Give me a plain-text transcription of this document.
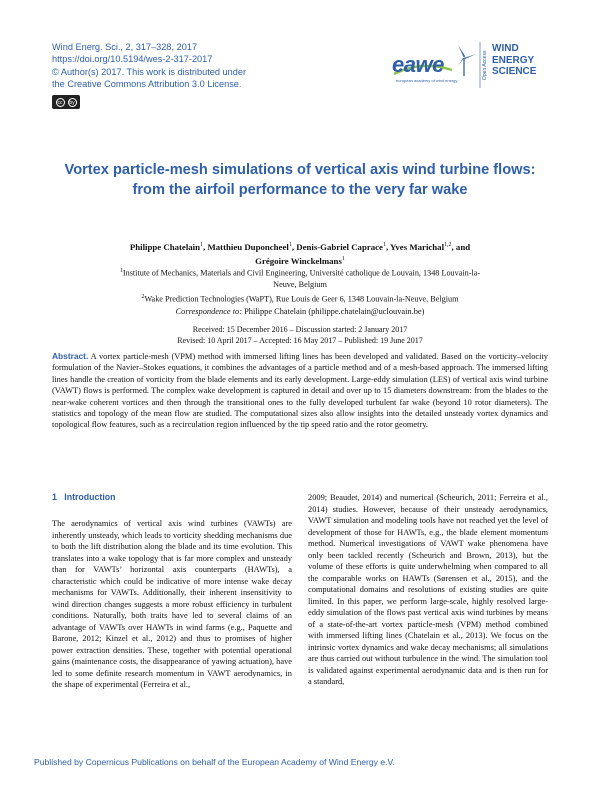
Wind Energ. Sci., 2, 317–328, 2017
https://doi.org/10.5194/wes-2-317-2017
© Author(s) 2017. This work is distributed under
the Creative Commons Attribution 3.0 License.
cc	by
eawe
european academy of wind energy
Open Access
WIND
ENERGY
SCIENCE
Vortex particle-mesh simulations of vertical axis wind turbine flows: from the airfoil performance to the very far wake
Philippe Chatelain$^1$, Matthieu Duponcheel$^1$, Denis-Gabriel Caprace$^1$, Yves Marichal$^{1,2}$, and
Grégoire Winckelmans$^1$
$^1$Institute of Mechanics, Materials and Civil Engineering, Université catholique de Louvain, 1348 Louvain-la-Neuve, Belgium
$^2$Wake Prediction Technologies (WaPT), Rue Louis de Geer 6, 1348 Louvain-la-Neuve, Belgium
Correspondence to: Philippe Chatelain (philippe.chatelain@uclouvain.be)
Received: 15 December 2016 – Discussion started: 2 January 2017
Revised: 10 April 2017 – Accepted: 16 May 2017 – Published: 19 June 2017
Abstract. A vortex particle-mesh (VPM) method with immersed lifting lines has been developed and validated. Based on the vorticity–velocity formulation of the Navier–Stokes equations, it combines the advantages of a particle method and of a mesh-based approach. The immersed lifting lines handle the creation of vorticity from the blade elements and its early development. Large-eddy simulation (LES) of vertical axis wind turbine (VAWT) flows is performed. The complex wake development is captured in detail and over up to 15 diameters downstream: from the blades to the near-wake coherent vortices and then through the transitional ones to the fully developed turbulent far wake (beyond 10 rotor diameters). The statistics and topology of the mean flow are studied. The computational sizes also allow insights into the detailed unsteady vortex dynamics and topological flow features, such as a recirculation region influenced by the tip speed ratio and the rotor geometry.
1 Introduction
The aerodynamics of vertical axis wind turbines (VAWTs) are inherently unsteady, which leads to vorticity shedding mechanisms due to both the lift distribution along the blade and its time evolution. This translates into a wake topology that is far more complex and unsteady than for VAWTs’ horizontal axis counterparts (HAWTs), a characteristic which could be indicative of more intense wake decay mechanisms for VAWTs. Additionally, their inherent insensitivity to wind direction changes suggests a more robust efficiency in turbulent conditions. Naturally, both traits have led to several claims of an advantage of VAWTs over HAWTs in wind farms (e.g., Paquette and Barone, 2012; Kinzel et al., 2012) and thus to promises of higher power extraction densities. These, together with potential operational gains (maintenance costs, the disappearance of yawing actuation), have led to some definite research momentum in VAWT aerodynamics, in the shape of experimental (Ferreira et al.,
2009; Beaudet, 2014) and numerical (Scheurich, 2011; Ferreira et al., 2014) studies. However, because of their unsteady aerodynamics, VAWT simulation and modeling tools have not reached yet the level of development of those for HAWTs, e.g., the blade element momentum method. Numerical investigations of VAWT wake phenomena have only been tackled recently (Scheurich and Brown, 2013), but the volume of these efforts is quite underwhelming when compared to all the comparable works on HAWTs (Sørensen et al., 2015), and the computational domains and resolutions of existing studies are quite limited. In this paper, we perform large-scale, highly resolved large-eddy simulation of the flows past vertical axis wind turbines by means of a state-of-the-art vortex particle-mesh (VPM) method combined with immersed lifting lines (Chatelain et al., 2013). We focus on the intrinsic vortex dynamics and wake decay mechanisms; all simulations are thus carried out without turbulence in the wind. The simulation tool is validated against experimental aerodynamic data and is then run for a standard,
Published by Copernicus Publications on behalf of the European Academy of Wind Energy e.V.
